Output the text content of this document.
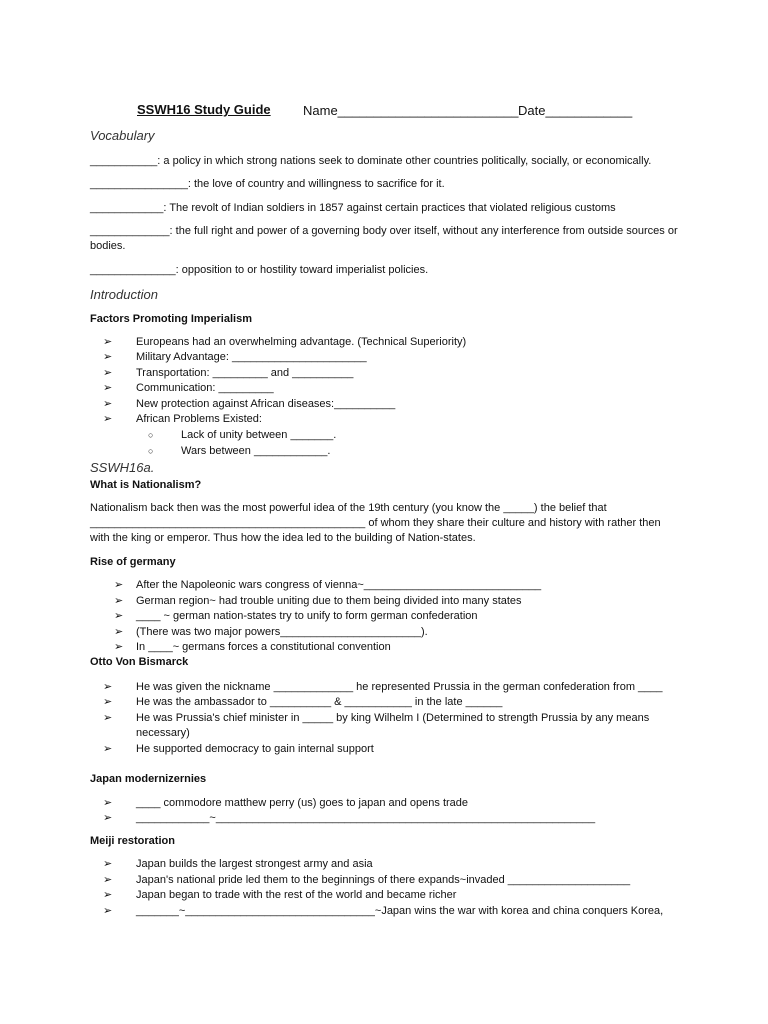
SSWH16 Study Guide Name_________________________ Date____________
Vocabulary
___________: a policy in which strong nations seek to dominate other countries politically, socially, or economically.
________________: the love of country and willingness to sacrifice for it.
____________: The revolt of Indian soldiers in 1857 against certain practices that violated religious customs
_____________: the full right and power of a governing body over itself, without any interference from outside sources or bodies.
______________: opposition to or hostility toward imperialist policies.
Introduction
Factors Promoting Imperialism
➢ Europeans had an overwhelming advantage. (Technical Superiority)
➢ Military Advantage: ______________________
➢ Transportation: _________ and __________
➢ Communication: _________
➢ New protection against African diseases:__________
➢ African Problems Existed:
○	Lack of unity between _______.
○	Wars between ____________.
SSWH16a.
What is Nationalism?
Nationalism back then was the most powerful idea of the 19th century (you know the _____) the belief that _____________________________________________ of whom they share their culture and history with rather then with the king or emperor. Thus how the idea led to the building of Nation-states.
Rise of germany
➢ After the Napoleonic wars congress of vienna~_____________________________
➢ German region~ had trouble uniting due to them being divided into many states
➢ ____ ~ german nation-states try to unify to form german confederation
➢ (There was two major powers_______________________).
➢ In ____~ germans forces a constitutional convention
Otto Von Bismarck
➢ He was given the nickname _____________ he represented Prussia in the german confederation from ____
➢ He was the ambassador to __________ & ___________ in the late ______
➢ He was Prussia's chief minister in _____ by king Wilhelm I (Determined to strength Prussia by any means necessary)
➢ He supported democracy to gain internal support
Japan modernizernies
➢ ____ commodore matthew perry (us) goes to japan and opens trade
➢ ____________~______________________________________________________________
Meiji restoration
➢ Japan builds the largest strongest army and asia
➢ Japan's national pride led them to the beginnings of there expands~invaded ____________________
➢ Japan began to trade with the rest of the world and became richer
➢ _______~_______________________________~Japan wins the war with korea and china conquers Korea,
